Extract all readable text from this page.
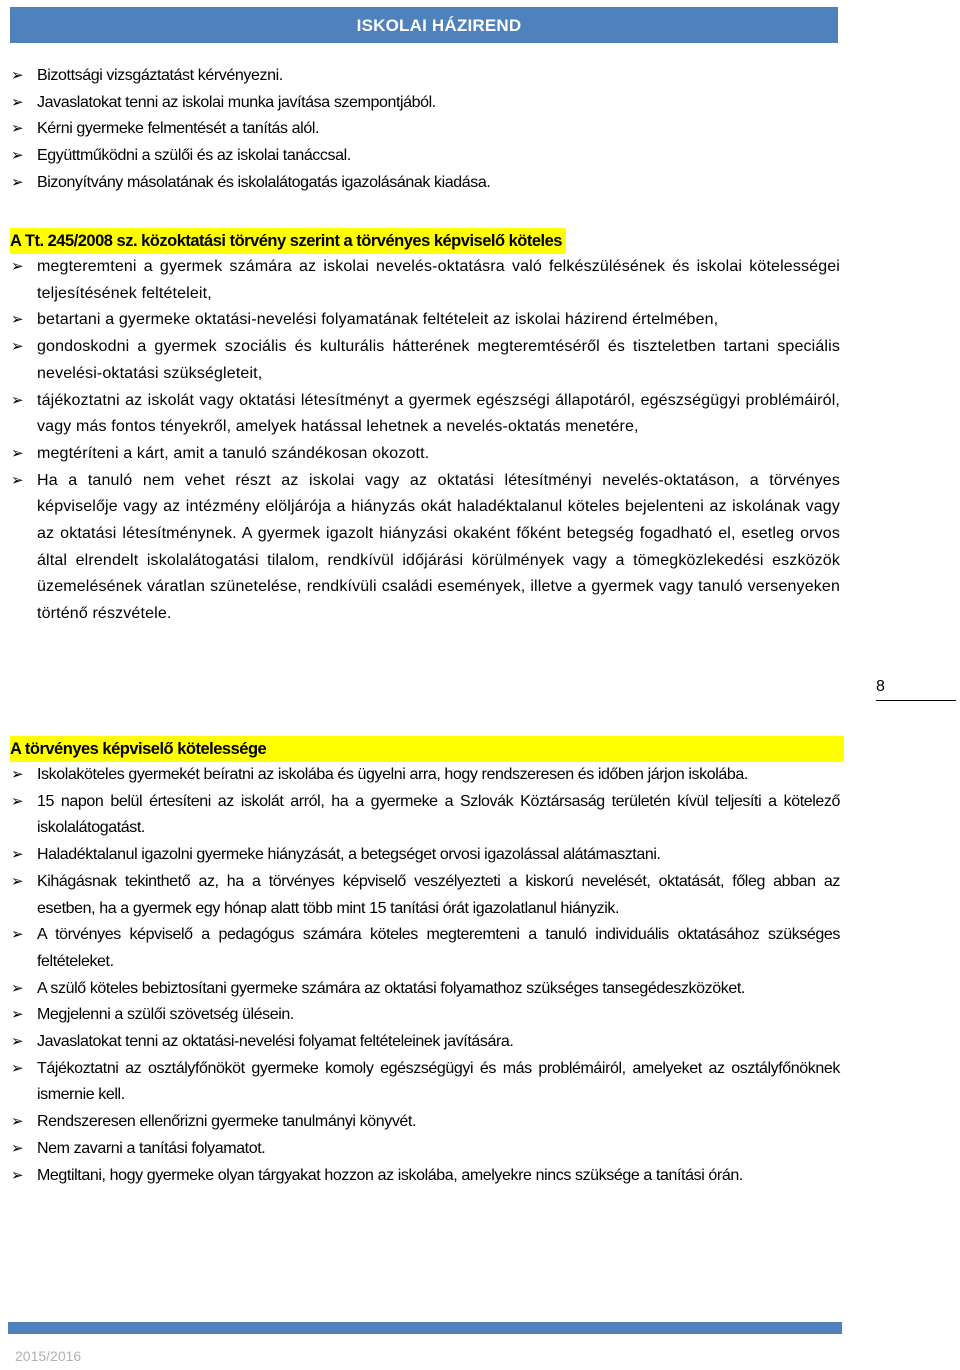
ISKOLAI HÁZIREND
➢ Bizottsági vizsgáztatást kérvényezni.
➢ Javaslatokat tenni az iskolai munka javítása szempontjából.
➢ Kérni gyermeke felmentését a tanítás alól.
➢ Együttműködni a szülői és az iskolai tanáccsal.
➢ Bizonyítvány másolatának és iskolalátogatás igazolásának kiadása.
A Tt. 245/2008 sz. közoktatási törvény szerint a törvényes képviselő köteles
➢ megteremteni a gyermek számára az iskolai nevelés-oktatásra való felkészülésének és iskolai kötelességei teljesítésének feltételeit,
➢ betartani a gyermeke oktatási-nevelési folyamatának feltételeit az iskolai házirend értelmében,
➢ gondoskodni a gyermek szociális és kulturális hátterének megteremtéséről és tiszteletben tartani speciális nevelési-oktatási szükségleteit,
➢ tájékoztatni az iskolát vagy oktatási létesítményt a gyermek egészségi állapotáról, egészségügyi problémáiról, vagy más fontos tényekről, amelyek hatással lehetnek a nevelés-oktatás menetére,
➢ megtéríteni a kárt, amit a tanuló szándékosan okozott.
➢ Ha a tanuló nem vehet részt az iskolai vagy az oktatási létesítményi nevelés-oktatáson, a törvényes képviselője vagy az intézmény elöljárója a hiányzás okát haladéktalanul köteles bejelenteni az iskolának vagy az oktatási létesítménynek. A gyermek igazolt hiányzási okaként főként betegség fogadható el, esetleg orvos által elrendelt iskolalátogatási tilalom, rendkívül időjárási körülmények vagy a tömegközlekedési eszközök üzemelésének váratlan szünetelése, rendkívüli családi események, illetve a gyermek vagy tanuló versenyeken történő részvétele.
8
A törvényes képviselő kötelessége
➢ Iskolaköteles gyermekét beíratni az iskolába és ügyelni arra, hogy rendszeresen és időben járjon iskolába.
➢ 15 napon belül értesíteni az iskolát arról, ha a gyermeke a Szlovák Köztársaság területén kívül teljesíti a kötelező iskolalátogatást.
➢ Haladéktalanul igazolni gyermeke hiányzását, a betegséget orvosi igazolással alátámasztani.
➢ Kihágásnak tekinthető az, ha a törvényes képviselő veszélyezteti a kiskorú nevelését, oktatását, főleg abban az esetben, ha a gyermek egy hónap alatt több mint 15 tanítási órát igazolatlanul hiányzik.
➢ A törvényes képviselő a pedagógus számára köteles megteremteni a tanuló individuális oktatásához szükséges feltételeket.
➢ A szülő köteles bebiztosítani gyermeke számára az oktatási folyamathoz szükséges tansegédeszközöket.
➢ Megjelenni a szülői szövetség ülésein.
➢ Javaslatokat tenni az oktatási-nevelési folyamat feltételeinek javítására.
➢ Tájékoztatni az osztályfőnököt gyermeke komoly egészségügyi és más problémáiról, amelyeket az osztályfőnöknek ismernie kell.
➢ Rendszeresen ellenőrizni gyermeke tanulmányi könyvét.
➢ Nem zavarni a tanítási folyamatot.
➢ Megtiltani, hogy gyermeke olyan tárgyakat hozzon az iskolába, amelyekre nincs szüksége a tanítási órán.
2015/2016
